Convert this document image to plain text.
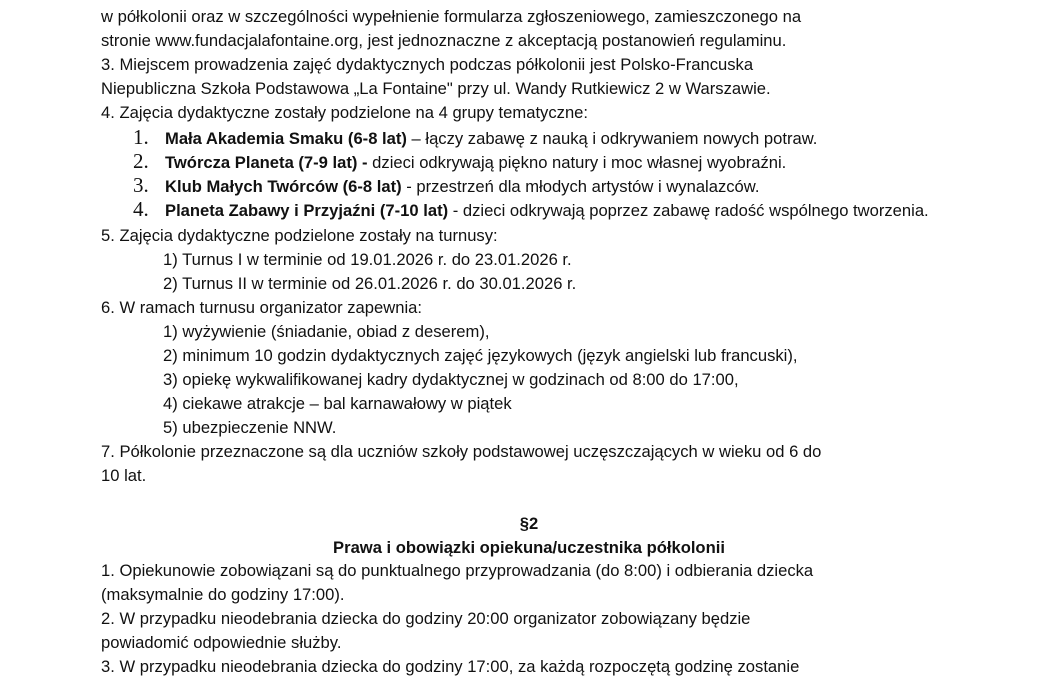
w półkolonii oraz w szczególności wypełnienie formularza zgłoszeniowego, zamieszczonego na
stronie www.fundacjalafontaine.org, jest jednoznaczne z akceptacją postanowień regulaminu.
3. Miejscem prowadzenia zajęć dydaktycznych podczas półkolonii jest Polsko-Francuska
Niepubliczna Szkoła Podstawowa „La Fontaine" przy ul. Wandy Rutkiewicz 2 w Warszawie.
4. Zajęcia dydaktyczne zostały podzielone na 4 grupy tematyczne:
1. Mała Akademia Smaku (6-8 lat) – łączy zabawę z nauką i odkrywaniem nowych potraw.
2. Twórcza Planeta (7-9 lat) - dzieci odkrywają piękno natury i moc własnej wyobraźni.
3. Klub Małych Twórców (6-8 lat) - przestrzeń dla młodych artystów i wynalazców.
4. Planeta Zabawy i Przyjaźni (7-10 lat) - dzieci odkrywają poprzez zabawę radość wspólnego tworzenia.
5. Zajęcia dydaktyczne podzielone zostały na turnusy:
1) Turnus I w terminie od 19.01.2026 r. do 23.01.2026 r.
2) Turnus II w terminie od 26.01.2026 r. do 30.01.2026 r.
6. W ramach turnusu organizator zapewnia:
1) wyżywienie (śniadanie, obiad z deserem),
2) minimum 10 godzin dydaktycznych zajęć językowych (język angielski lub francuski),
3) opiekę wykwalifikowanej kadry dydaktycznej w godzinach od 8:00 do 17:00,
4) ciekawe atrakcje – bal karnawałowy w piątek
5) ubezpieczenie NNW.
7. Półkolonie przeznaczone są dla uczniów szkoły podstawowej uczęszczających w wieku od 6 do
10 lat.
§2
Prawa i obowiązki opiekuna/uczestnika półkolonii
1. Opiekunowie zobowiązani są do punktualnego przyprowadzania (do 8:00) i odbierania dziecka
(maksymalnie do godziny 17:00).
2. W przypadku nieodebrania dziecka do godziny 20:00 organizator zobowiązany będzie
powiadomić odpowiednie służby.
3. W przypadku nieodebrania dziecka do godziny 17:00, za każdą rozpoczętą godzinę zostanie
